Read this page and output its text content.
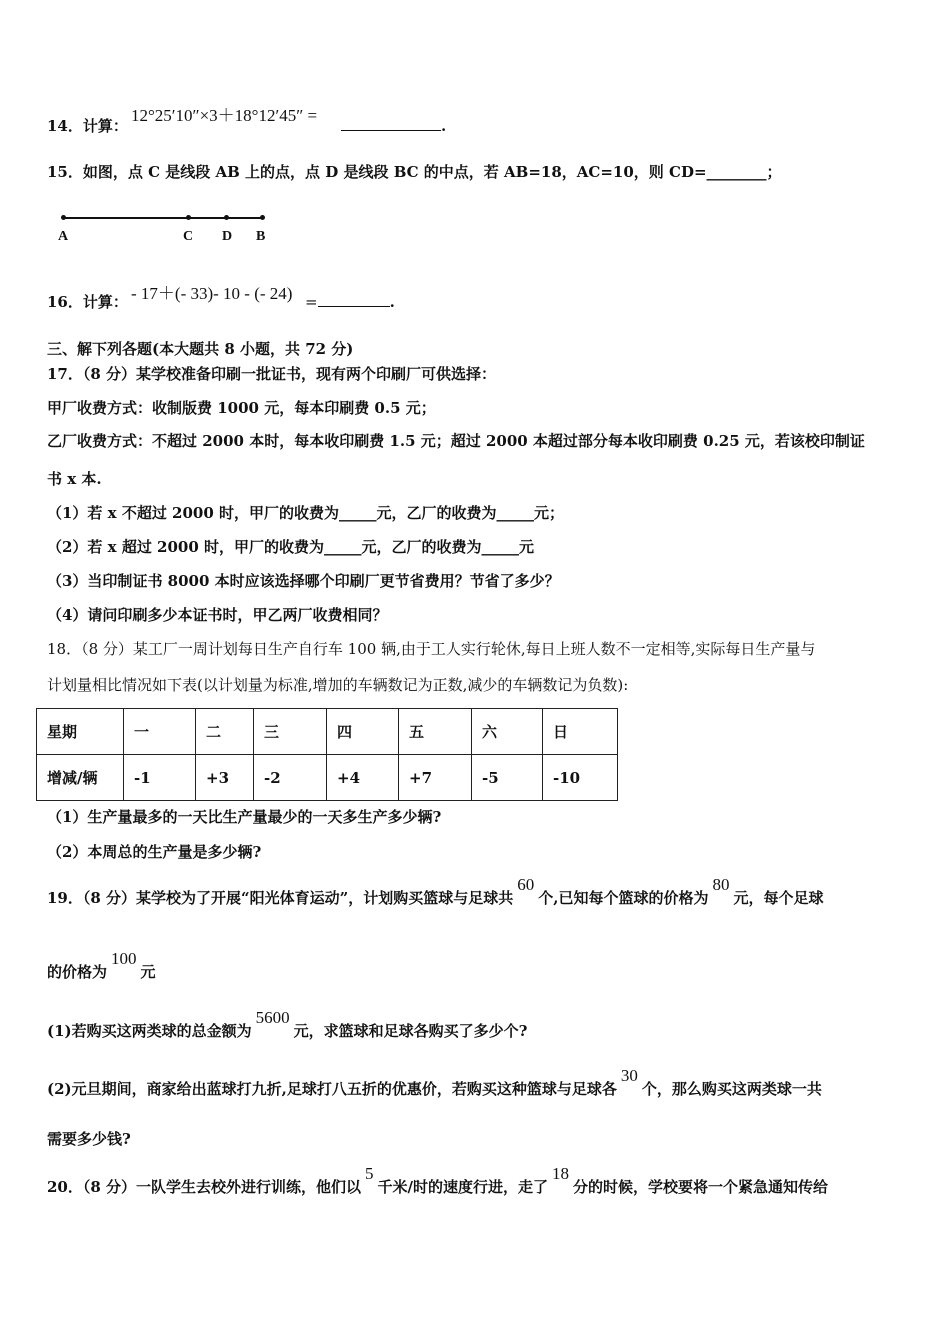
14．计算：
12°25′10″×3＋18°12′45″ =
.
15．如图，点 C 是线段 AB 上的点，点 D 是线段 BC 的中点，若 AB=18，AC=10，则 CD=________；
A	C D B
16．计算： - 17＋(- 33)- 10 - (- 24) =	.
三、解下列各题(本大题共 8 小题，共 72 分)
17．（8 分）某学校准备印刷一批证书，现有两个印刷厂可供选择：
甲厂收费方式：收制版费 1000 元，每本印刷费 0.5 元；
乙厂收费方式：不超过 2000 本时，每本收印刷费 1.5 元；超过 2000 本超过部分每本收印刷费 0.25 元，若该校印制证
书 x 本.
（1）若 x 不超过 2000 时，甲厂的收费为_____元，乙厂的收费为_____元；
（2）若 x 超过 2000 时，甲厂的收费为_____元，乙厂的收费为_____元
（3）当印制证书 8000 本时应该选择哪个印刷厂更节省费用？节省了多少？
（4）请问印刷多少本证书时，甲乙两厂收费相同？
18．（8 分）某工厂一周计划每日生产自行车 100 辆,由于工人实行轮休,每日上班人数不一定相等,实际每日生产量与
计划量相比情况如下表(以计划量为标准,增加的车辆数记为正数,减少的车辆数记为负数):
星期	一	二	三	四	五	六	日
增减/辆	-1	+3	-2	+4	+7	-5	-10
（1）生产量最多的一天比生产量最少的一天多生产多少辆?
（2）本周总的生产量是多少辆?
19．（8 分）某学校为了开展“阳光体育运动”，计划购买篮球与足球共60个,已知每个篮球的价格为80元，每个足球
的价格为100元
(1)若购买这两类球的总金额为5600元，求篮球和足球各购买了多少个?
(2)元旦期间，商家给出蓝球打九折,足球打八五折的优惠价，若购买这种篮球与足球各30个，那么购买这两类球一共
需要多少钱?
20．（8 分）一队学生去校外进行训练，他们以5千米/时的速度行进，走了18分的时候，学校要将一个紧急通知传给
